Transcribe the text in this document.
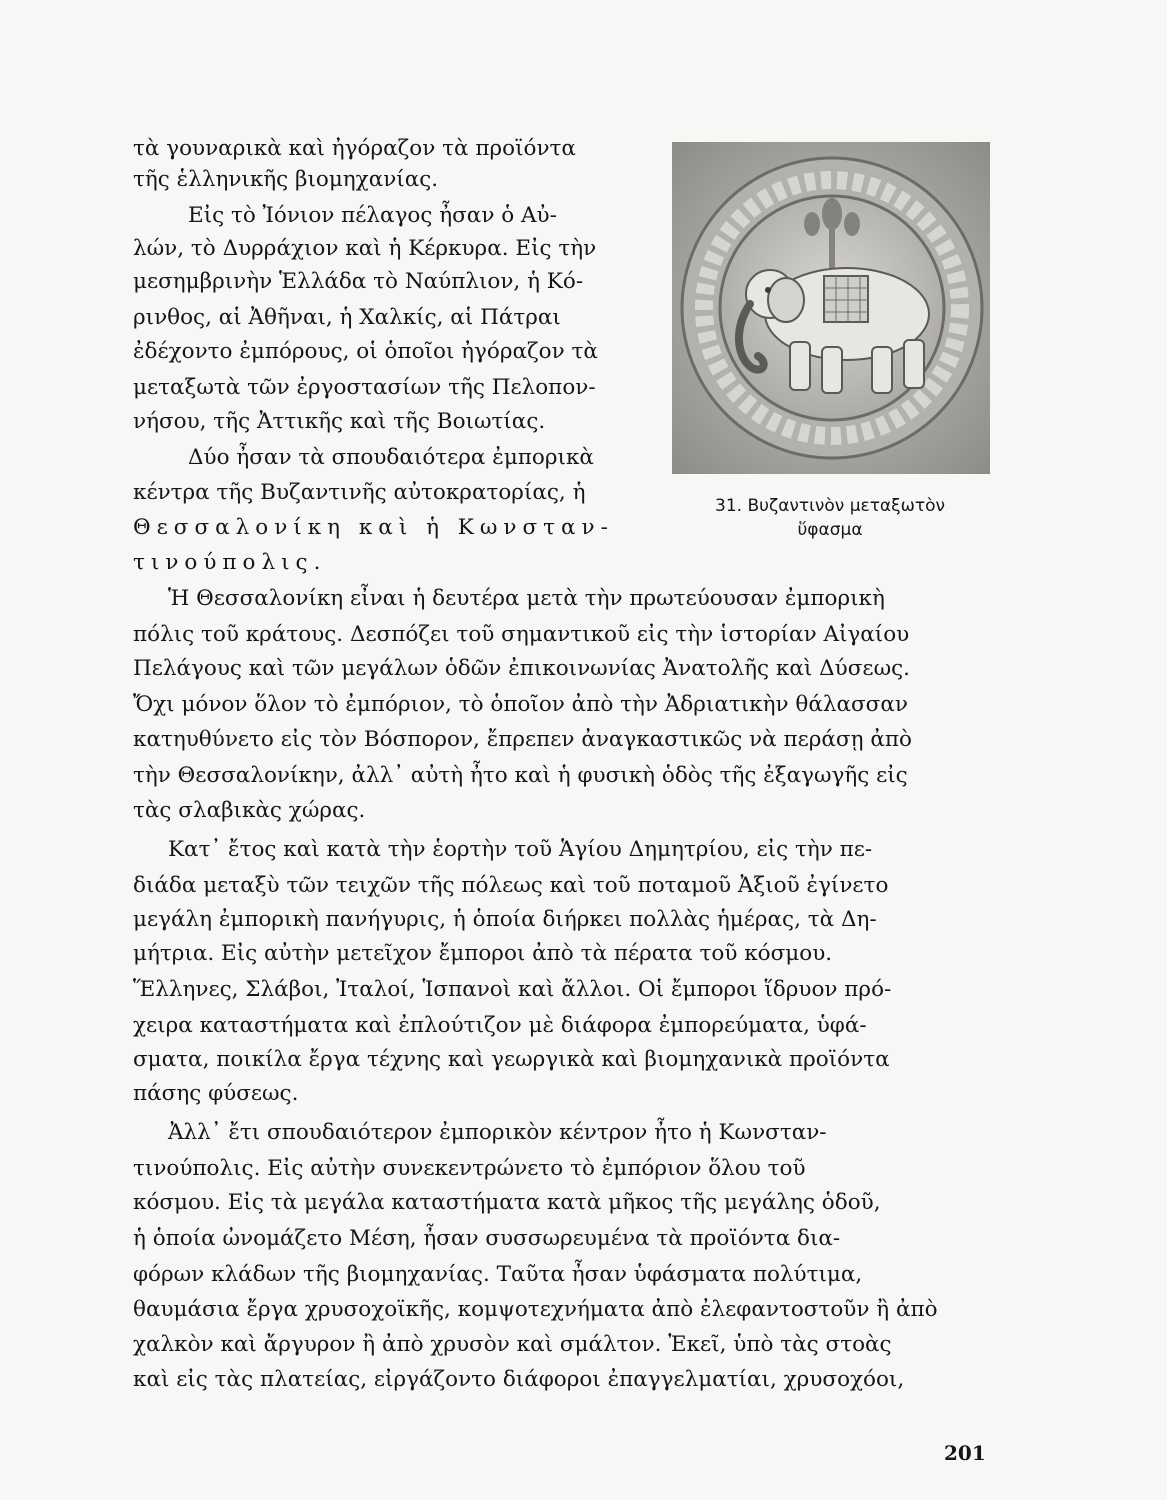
τὰ γουναρικὰ καὶ ἠγόραζον τὰ προϊόντα
τῆς ἑλληνικῆς βιομηχανίας.
Εἰς τὸ Ἰόνιον πέλαγος ἦσαν ὁ Αὐ-
λών, τὸ Δυρράχιον καὶ ἡ Κέρκυρα. Εἰς τὴν
μεσημβρινὴν Ἑλλάδα τὸ Ναύπλιον, ἡ Κό-
ρινθος, αἱ Ἀθῆναι, ἡ Χαλκίς, αἱ Πάτραι
ἐδέχοντο ἐμπόρους, οἱ ὁποῖοι ἠγόραζον τὰ
μεταξωτὰ τῶν ἐργοστασίων τῆς Πελοπον-
νήσου, τῆς Ἀττικῆς καὶ τῆς Βοιωτίας.
Δύο ἦσαν τὰ σπουδαιότερα ἐμπορικὰ
κέντρα τῆς Βυζαντινῆς αὐτοκρατορίας, ἡ
Θεσσαλονίκη καὶ ἡ Κωνσταν-
τινούπολις.
Ἡ Θεσσαλονίκη εἶναι ἡ δευτέρα μετὰ τὴν πρωτεύουσαν ἐμπορικὴ
πόλις τοῦ κράτους. Δεσπόζει τοῦ σημαντικοῦ εἰς τὴν ἱστορίαν Αἰγαίου
Πελάγους καὶ τῶν μεγάλων ὁδῶν ἐπικοινωνίας Ἀνατολῆς καὶ Δύσεως.
Ὄχι μόνον ὅλον τὸ ἐμπόριον, τὸ ὁποῖον ἀπὸ τὴν Ἀδριατικὴν θάλασσαν
κατηυθύνετο εἰς τὸν Βόσπορον, ἔπρεπεν ἀναγκαστικῶς νὰ περάσῃ ἀπὸ
τὴν Θεσσαλονίκην, ἀλλ᾽ αὐτὴ ἦτο καὶ ἡ φυσικὴ ὁδὸς τῆς ἐξαγωγῆς εἰς
τὰς σλαβικὰς χώρας.
Κατ᾽ ἔτος καὶ κατὰ τὴν ἑορτὴν τοῦ Ἁγίου Δημητρίου, εἰς τὴν πε-
διάδα μεταξὺ τῶν τειχῶν τῆς πόλεως καὶ τοῦ ποταμοῦ Ἀξιοῦ ἐγίνετο
μεγάλη ἐμπορικὴ πανήγυρις, ἡ ὁποία διήρκει πολλὰς ἡμέρας, τὰ Δη-
μήτρια. Εἰς αὐτὴν μετεῖχον ἔμποροι ἀπὸ τὰ πέρατα τοῦ κόσμου.
Ἕλληνες, Σλάβοι, Ἰταλοί, Ἱσπανοὶ καὶ ἄλλοι. Οἱ ἔμποροι ἵδρυον πρό-
χειρα καταστήματα καὶ ἐπλούτιζον μὲ διάφορα ἐμπορεύματα, ὑφά-
σματα, ποικίλα ἔργα τέχνης καὶ γεωργικὰ καὶ βιομηχανικὰ προϊόντα
πάσης φύσεως.
Ἀλλ᾽ ἔτι σπουδαιότερον ἐμπορικὸν κέντρον ἦτο ἡ Κωνσταν-
τινούπολις. Εἰς αὐτὴν συνεκεντρώνετο τὸ ἐμπόριον ὅλου τοῦ
κόσμου. Εἰς τὰ μεγάλα καταστήματα κατὰ μῆκος τῆς μεγάλης ὁδοῦ,
ἡ ὁποία ὠνομάζετο Μέση, ἦσαν συσσωρευμένα τὰ προϊόντα δια-
φόρων κλάδων τῆς βιομηχανίας. Ταῦτα ἦσαν ὑφάσματα πολύτιμα,
θαυμάσια ἔργα χρυσοχοϊκῆς, κομψοτεχνήματα ἀπὸ ἐλεφαντοστοῦν ἢ ἀπὸ
χαλκὸν καὶ ἄργυρον ἢ ἀπὸ χρυσὸν καὶ σμάλτον. Ἐκεῖ, ὑπὸ τὰς στοὰς
καὶ εἰς τὰς πλατείας, εἰργάζοντο διάφοροι ἐπαγγελματίαι, χρυσοχόοι,
31. Βυζαντινὸν μεταξωτὸν
ὕφασμα
201
